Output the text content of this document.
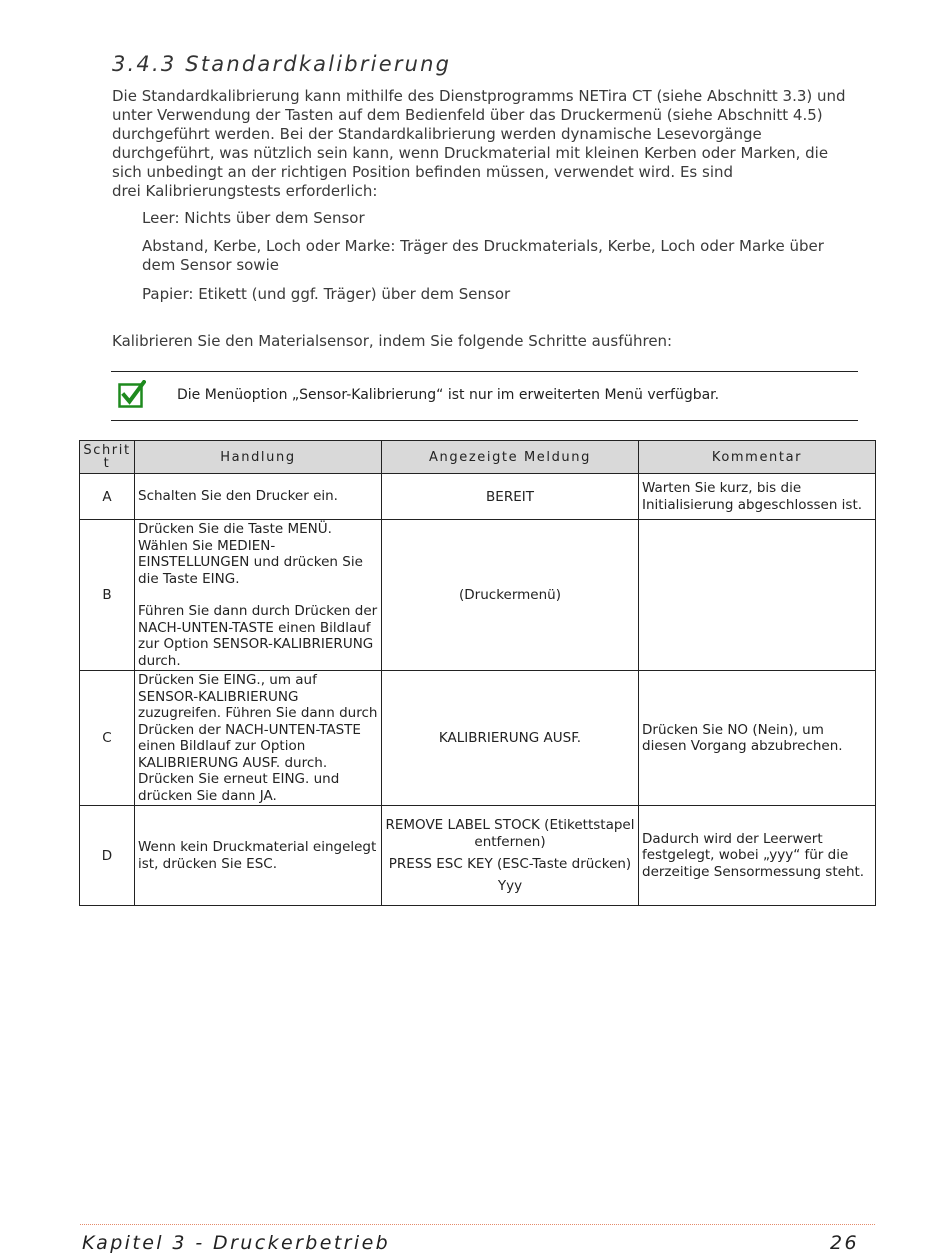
3.4.3 Standardkalibrierung

Die Standardkalibrierung kann mithilfe des Dienstprogramms NETira CT (siehe Abschnitt 3.3) und
unter Verwendung der Tasten auf dem Bedienfeld über das Druckermenü (siehe Abschnitt 4.5)
durchgeführt werden. Bei der Standardkalibrierung werden dynamische Lesevorgänge
durchgeführt, was nützlich sein kann, wenn Druckmaterial mit kleinen Kerben oder Marken, die
sich unbedingt an der richtigen Position befinden müssen, verwendet wird. Es sind
drei Kalibrierungstests erforderlich:

Leer: Nichts über dem Sensor

Abstand, Kerbe, Loch oder Marke: Träger des Druckmaterials, Kerbe, Loch oder Marke über dem Sensor sowie

Papier: Etikett (und ggf. Träger) über dem Sensor

Kalibrieren Sie den Materialsensor, indem Sie folgende Schritte ausführen:

Die Menüoption „Sensor-Kalibrierung“ ist nur im erweiterten Menü verfügbar.
Schrit
t	Handlung	Angezeigte Meldung	Kommentar
A	Schalten Sie den Drucker ein.	BEREIT	Warten Sie kurz, bis die Initialisierung abgeschlossen ist.
B	Drücken Sie die Taste MENÜ. Wählen Sie MEDIEN-EINSTELLUNGEN und drücken Sie die Taste EING.
Führen Sie dann durch Drücken der NACH-UNTEN-TASTE einen Bildlauf zur Option SENSOR-KALIBRIERUNG durch.	(Druckermenü)	
C	Drücken Sie EING., um auf SENSOR-KALIBRIERUNG zuzugreifen. Führen Sie dann durch Drücken der NACH-UNTEN-TASTE einen Bildlauf zur Option KALIBRIERUNG AUSF. durch. Drücken Sie erneut EING. und drücken Sie dann JA.	KALIBRIERUNG AUSF.	Drücken Sie NO (Nein), um diesen Vorgang abzubrechen.
D	Wenn kein Druckmaterial eingelegt ist, drücken Sie ESC.	REMOVE LABEL STOCK (Etikettstapel entfernen)
PRESS ESC KEY (ESC-Taste drücken)
Yyy	Dadurch wird der Leerwert festgelegt, wobei „yyy“ für die derzeitige Sensormessung steht.
Kapitel 3 - Druckerbetrieb	26
